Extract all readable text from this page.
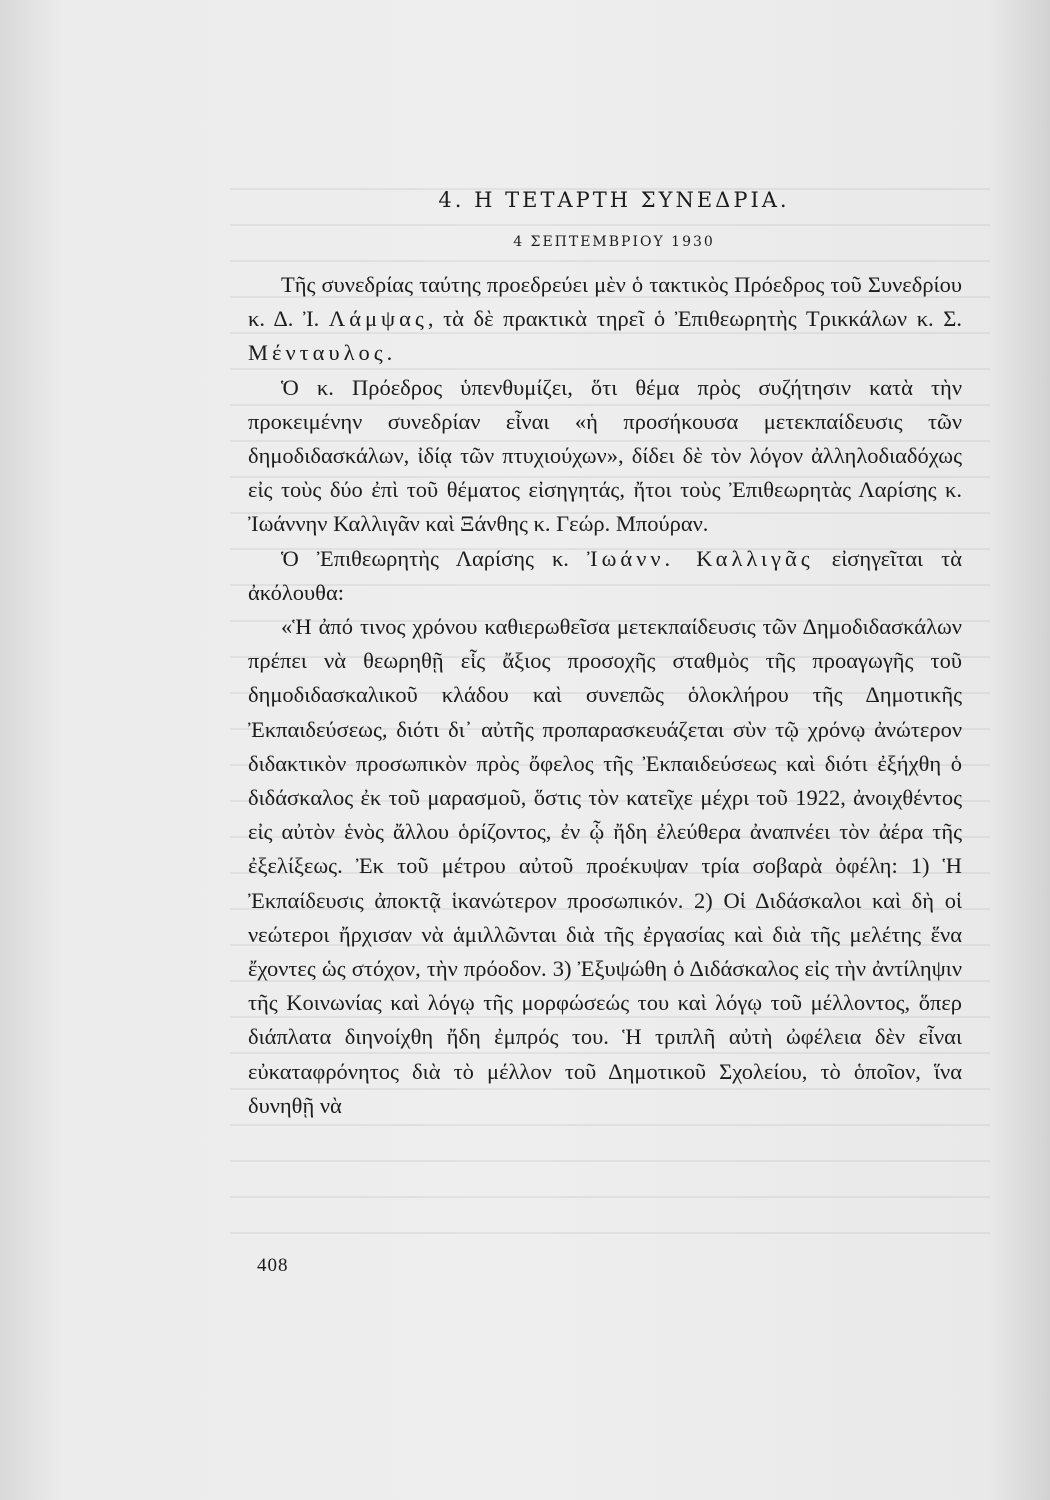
4. Η ΤΕΤΑΡΤΗ ΣΥΝΕΔΡΙΑ.
4 ΣΕΠΤΕΜΒΡΙΟΥ 1930

Τῆς συνεδρίας ταύτης προεδρεύει μὲν ὁ τακτικὸς Πρόεδρος τοῦ Συνεδρίου κ. Δ. Ἰ. Λάμψας, τὰ δὲ πρακτικὰ τηρεῖ ὁ Ἐπιθεωρητὴς Τρικκάλων κ. Σ. Μένταυλος.

Ὁ κ. Πρόεδρος ὑπενθυμίζει, ὅτι θέμα πρὸς συζήτησιν κατὰ τὴν προκειμένην συνεδρίαν εἶναι «ἡ προσήκουσα μετεκπαίδευσις τῶν δημοδιδασκάλων, ἰδίᾳ τῶν πτυχιούχων», δίδει δὲ τὸν λόγον ἀλληλοδιαδόχως εἰς τοὺς δύο ἐπὶ τοῦ θέματος εἰσηγητάς, ἤτοι τοὺς Ἐπιθεωρητὰς Λαρίσης κ. Ἰωάννην Καλλιγᾶν καὶ Ξάνθης κ. Γεώρ. Μπούραν.

Ὁ Ἐπιθεωρητὴς Λαρίσης κ. Ἰωάνν. Καλλιγᾶς εἰσηγεῖται τὰ ἀκόλουθα:

«Ἡ ἀπό τινος χρόνου καθιερωθεῖσα μετεκπαίδευσις τῶν Δημοδιδασκάλων πρέπει νὰ θεωρηθῇ εἷς ἄξιος προσοχῆς σταθμὸς τῆς προαγωγῆς τοῦ δημοδιδασκαλικοῦ κλάδου καὶ συνεπῶς ὁλοκλήρου τῆς Δημοτικῆς Ἐκπαιδεύσεως, διότι δι᾽ αὐτῆς προπαρασκευάζεται σὺν τῷ χρόνῳ ἀνώτερον διδακτικὸν προσωπικὸν πρὸς ὄφελος τῆς Ἐκπαιδεύσεως καὶ διότι ἐξήχθη ὁ διδάσκαλος ἐκ τοῦ μαρασμοῦ, ὅστις τὸν κατεῖχε μέχρι τοῦ 1922, ἀνοιχθέντος εἰς αὐτὸν ἑνὸς ἄλλου ὁρίζοντος, ἐν ᾧ ἤδη ἐλεύθερα ἀναπνέει τὸν ἀέρα τῆς ἐξελίξεως. Ἐκ τοῦ μέτρου αὐτοῦ προέκυψαν τρία σοβαρὰ ὀφέλη: 1) Ἡ Ἐκπαίδευσις ἀποκτᾷ ἱκανώτερον προσωπικόν. 2) Οἱ Διδάσκαλοι καὶ δὴ οἱ νεώτεροι ἤρχισαν νὰ ἁμιλλῶνται διὰ τῆς ἐργασίας καὶ διὰ τῆς μελέτης ἕνα ἔχοντες ὡς στόχον, τὴν πρόοδον. 3) Ἐξυψώθη ὁ Διδάσκαλος εἰς τὴν ἀντίληψιν τῆς Κοινωνίας καὶ λόγῳ τῆς μορφώσεώς του καὶ λόγῳ τοῦ μέλλοντος, ὅπερ διάπλατα διηνοίχθη ἤδη ἐμπρός του. Ἡ τριπλῆ αὐτὴ ὠφέλεια δὲν εἶναι εὐκαταφρόνητος διὰ τὸ μέλλον τοῦ Δημοτικοῦ Σχολείου, τὸ ὁποῖον, ἵνα δυνηθῇ νὰ

408
